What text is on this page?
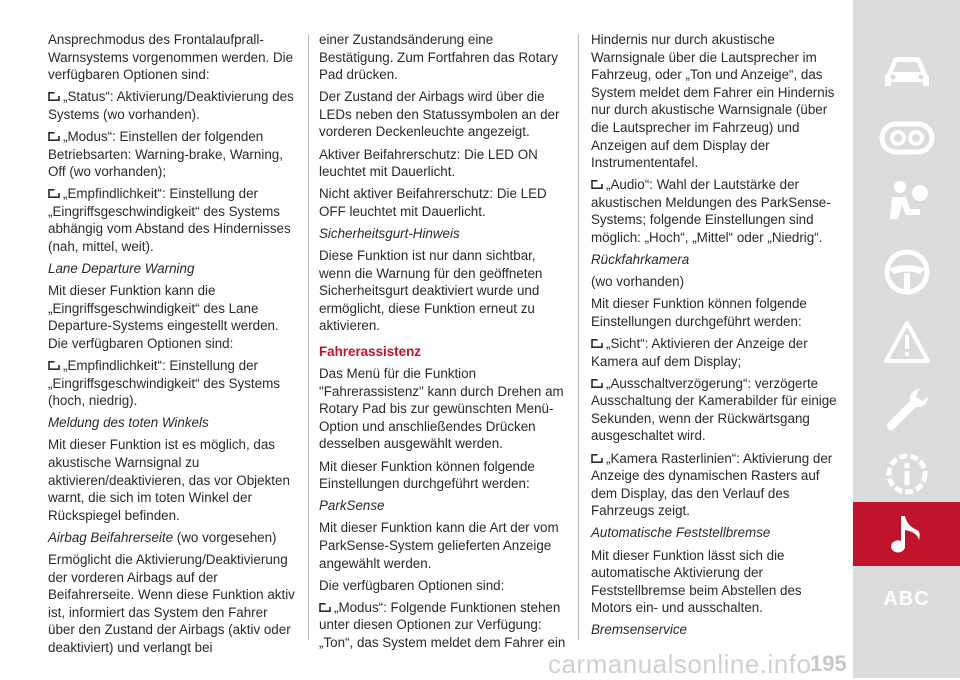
Ansprechmodus des Frontalaufprall-Warnsystems vorgenommen werden. Die verfügbaren Optionen sind:

„Status“: Aktivierung/Deaktivierung des Systems (wo vorhanden).

„Modus“: Einstellen der folgenden Betriebsarten: Warning-brake, Warning, Off (wo vorhanden);

„Empfindlichkeit“: Einstellung der „Eingriffsgeschwindigkeit“ des Systems abhängig vom Abstand des Hindernisses (nah, mittel, weit).

Lane Departure Warning

Mit dieser Funktion kann die „Eingriffsgeschwindigkeit“ des Lane Departure-Systems eingestellt werden. Die verfügbaren Optionen sind:

„Empfindlichkeit“: Einstellung der „Eingriffsgeschwindigkeit“ des Systems (hoch, niedrig).

Meldung des toten Winkels

Mit dieser Funktion ist es möglich, das akustische Warnsignal zu aktivieren/deaktivieren, das vor Objekten warnt, die sich im toten Winkel der Rückspiegel befinden.

Airbag Beifahrerseite (wo vorgesehen)

Ermöglicht die Aktivierung/Deaktivierung der vorderen Airbags auf der Beifahrerseite. Wenn diese Funktion aktiv ist, informiert das System den Fahrer über den Zustand der Airbags (aktiv oder deaktiviert) und verlangt bei

einer Zustandsänderung eine Bestätigung. Zum Fortfahren das Rotary Pad drücken.

Der Zustand der Airbags wird über die LEDs neben den Statussymbolen an der vorderen Deckenleuchte angezeigt.

Aktiver Beifahrerschutz: Die LED ON leuchtet mit Dauerlicht.

Nicht aktiver Beifahrerschutz: Die LED OFF leuchtet mit Dauerlicht.

Sicherheitsgurt-Hinweis

Diese Funktion ist nur dann sichtbar, wenn die Warnung für den geöffneten Sicherheitsgurt deaktiviert wurde und ermöglicht, diese Funktion erneut zu aktivieren.

Fahrerassistenz

Das Menü für die Funktion "Fahrerassistenz" kann durch Drehen am Rotary Pad bis zur gewünschten Menü-Option und anschließendes Drücken desselben ausgewählt werden.

Mit dieser Funktion können folgende Einstellungen durchgeführt werden:

ParkSense

Mit dieser Funktion kann die Art der vom ParkSense-System gelieferten Anzeige angewählt werden.

Die verfügbaren Optionen sind:

„Modus“: Folgende Funktionen stehen unter diesen Optionen zur Verfügung: „Ton“, das System meldet dem Fahrer ein

Hindernis nur durch akustische Warnsignale über die Lautsprecher im Fahrzeug, oder „Ton und Anzeige“, das System meldet dem Fahrer ein Hindernis nur durch akustische Warnsignale (über die Lautsprecher im Fahrzeug) und Anzeigen auf dem Display der Instrumententafel.

„Audio“: Wahl der Lautstärke der akustischen Meldungen des ParkSense-Systems; folgende Einstellungen sind möglich: „Hoch“, „Mittel“ oder „Niedrig“.

Rückfahrkamera

(wo vorhanden)

Mit dieser Funktion können folgende Einstellungen durchgeführt werden:

„Sicht“: Aktivieren der Anzeige der Kamera auf dem Display;

„Ausschaltverzögerung“: verzögerte Ausschaltung der Kamerabilder für einige Sekunden, wenn der Rückwärtsgang ausgeschaltet wird.

„Kamera Rasterlinien“: Aktivierung der Anzeige des dynamischen Rasters auf dem Display, das den Verlauf des Fahrzeugs zeigt.

Automatische Feststellbremse

Mit dieser Funktion lässt sich die automatische Aktivierung der Feststellbremse beim Abstellen des Motors ein- und ausschalten.

Bremsenservice

ABC
carmanualsonline.info
195
